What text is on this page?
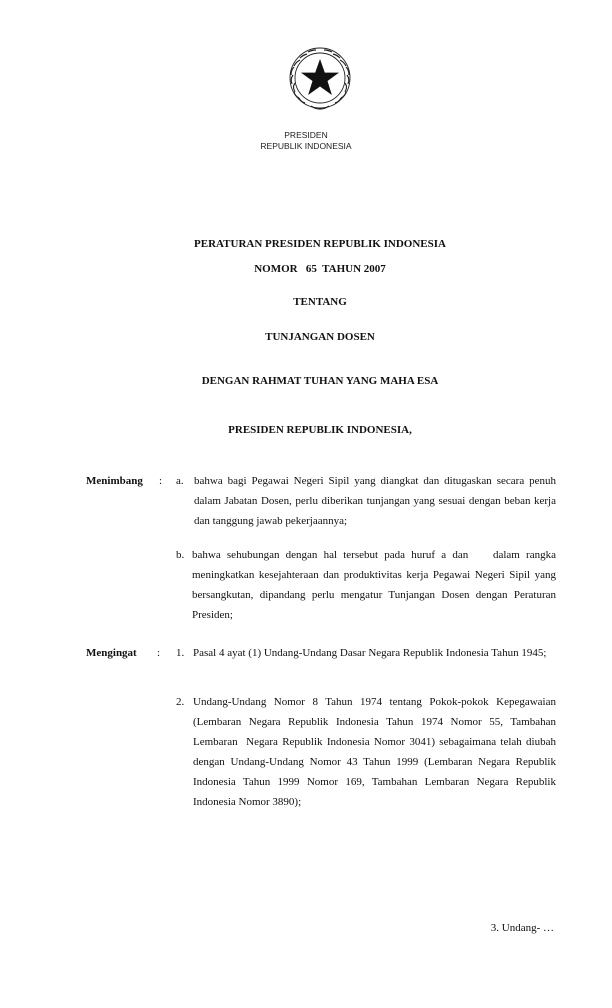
PRESIDEN
REPUBLIK INDONESIA
PERATURAN PRESIDEN REPUBLIK INDONESIA
NOMOR   65  TAHUN 2007
TENTANG
TUNJANGAN DOSEN
DENGAN RAHMAT TUHAN YANG MAHA ESA
PRESIDEN REPUBLIK INDONESIA,
Menimbang : a. bahwa bagi Pegawai Negeri Sipil yang diangkat dan ditugaskan secara penuh dalam Jabatan Dosen, perlu diberikan tunjangan yang sesuai dengan beban kerja dan tanggung jawab pekerjaannya;
b. bahwa sehubungan dengan hal tersebut pada huruf a dan    dalam rangka meningkatkan kesejahteraan dan produktivitas kerja Pegawai Negeri Sipil yang bersangkutan, dipandang perlu mengatur Tunjangan Dosen dengan Peraturan Presiden;
Mengingat : 1. Pasal 4 ayat (1) Undang-Undang Dasar Negara Republik Indonesia Tahun 1945;
2. Undang-Undang Nomor 8 Tahun 1974 tentang Pokok-pokok Kepegawaian (Lembaran Negara Republik Indonesia Tahun 1974 Nomor 55, Tambahan Lembaran  Negara Republik Indonesia Nomor 3041) sebagaimana telah diubah dengan Undang-Undang Nomor 43 Tahun 1999 (Lembaran Negara Republik Indonesia Tahun 1999 Nomor 169, Tambahan Lembaran Negara Republik Indonesia Nomor 3890);
3. Undang- …
